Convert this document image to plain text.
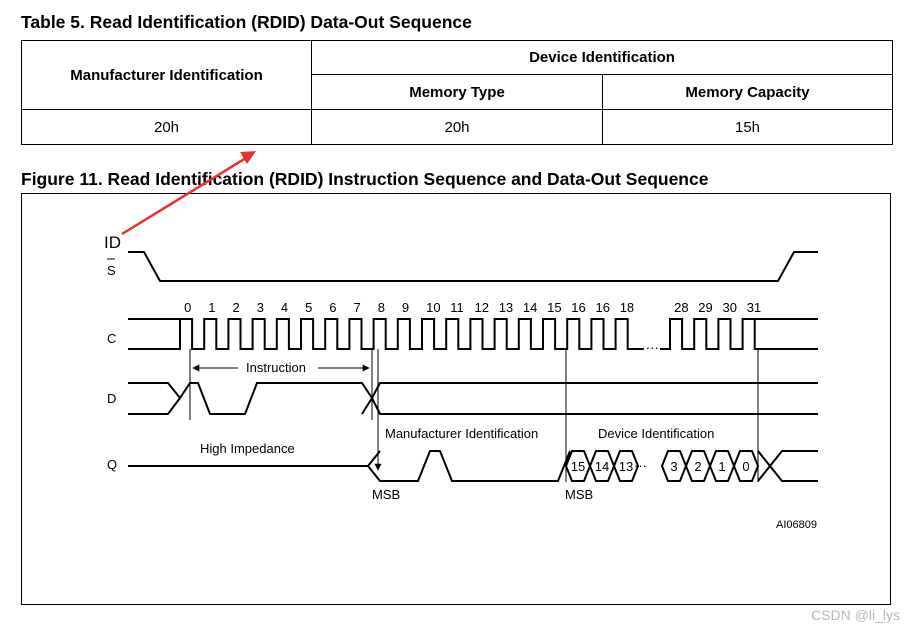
Table 5. Read Identification (RDID) Data-Out Sequence
Manufacturer Identification	Device Identification	
	Memory Type	Memory Capacity
20h	20h	15h
Figure 11. Read Identification (RDID) Instruction Sequence and Data-Out Sequence
ID
S
C
D
Q
···
0 1 2 3 4 5 6 7 8 9 10 11 12 13 14 15 16 16 18	28 29 30 31
Instruction
High Impedance
15 14 13	3 2 1 0
···
Manufacturer Identification	Device Identification
MSB	MSB
AI06809
CSDN @li_lys
